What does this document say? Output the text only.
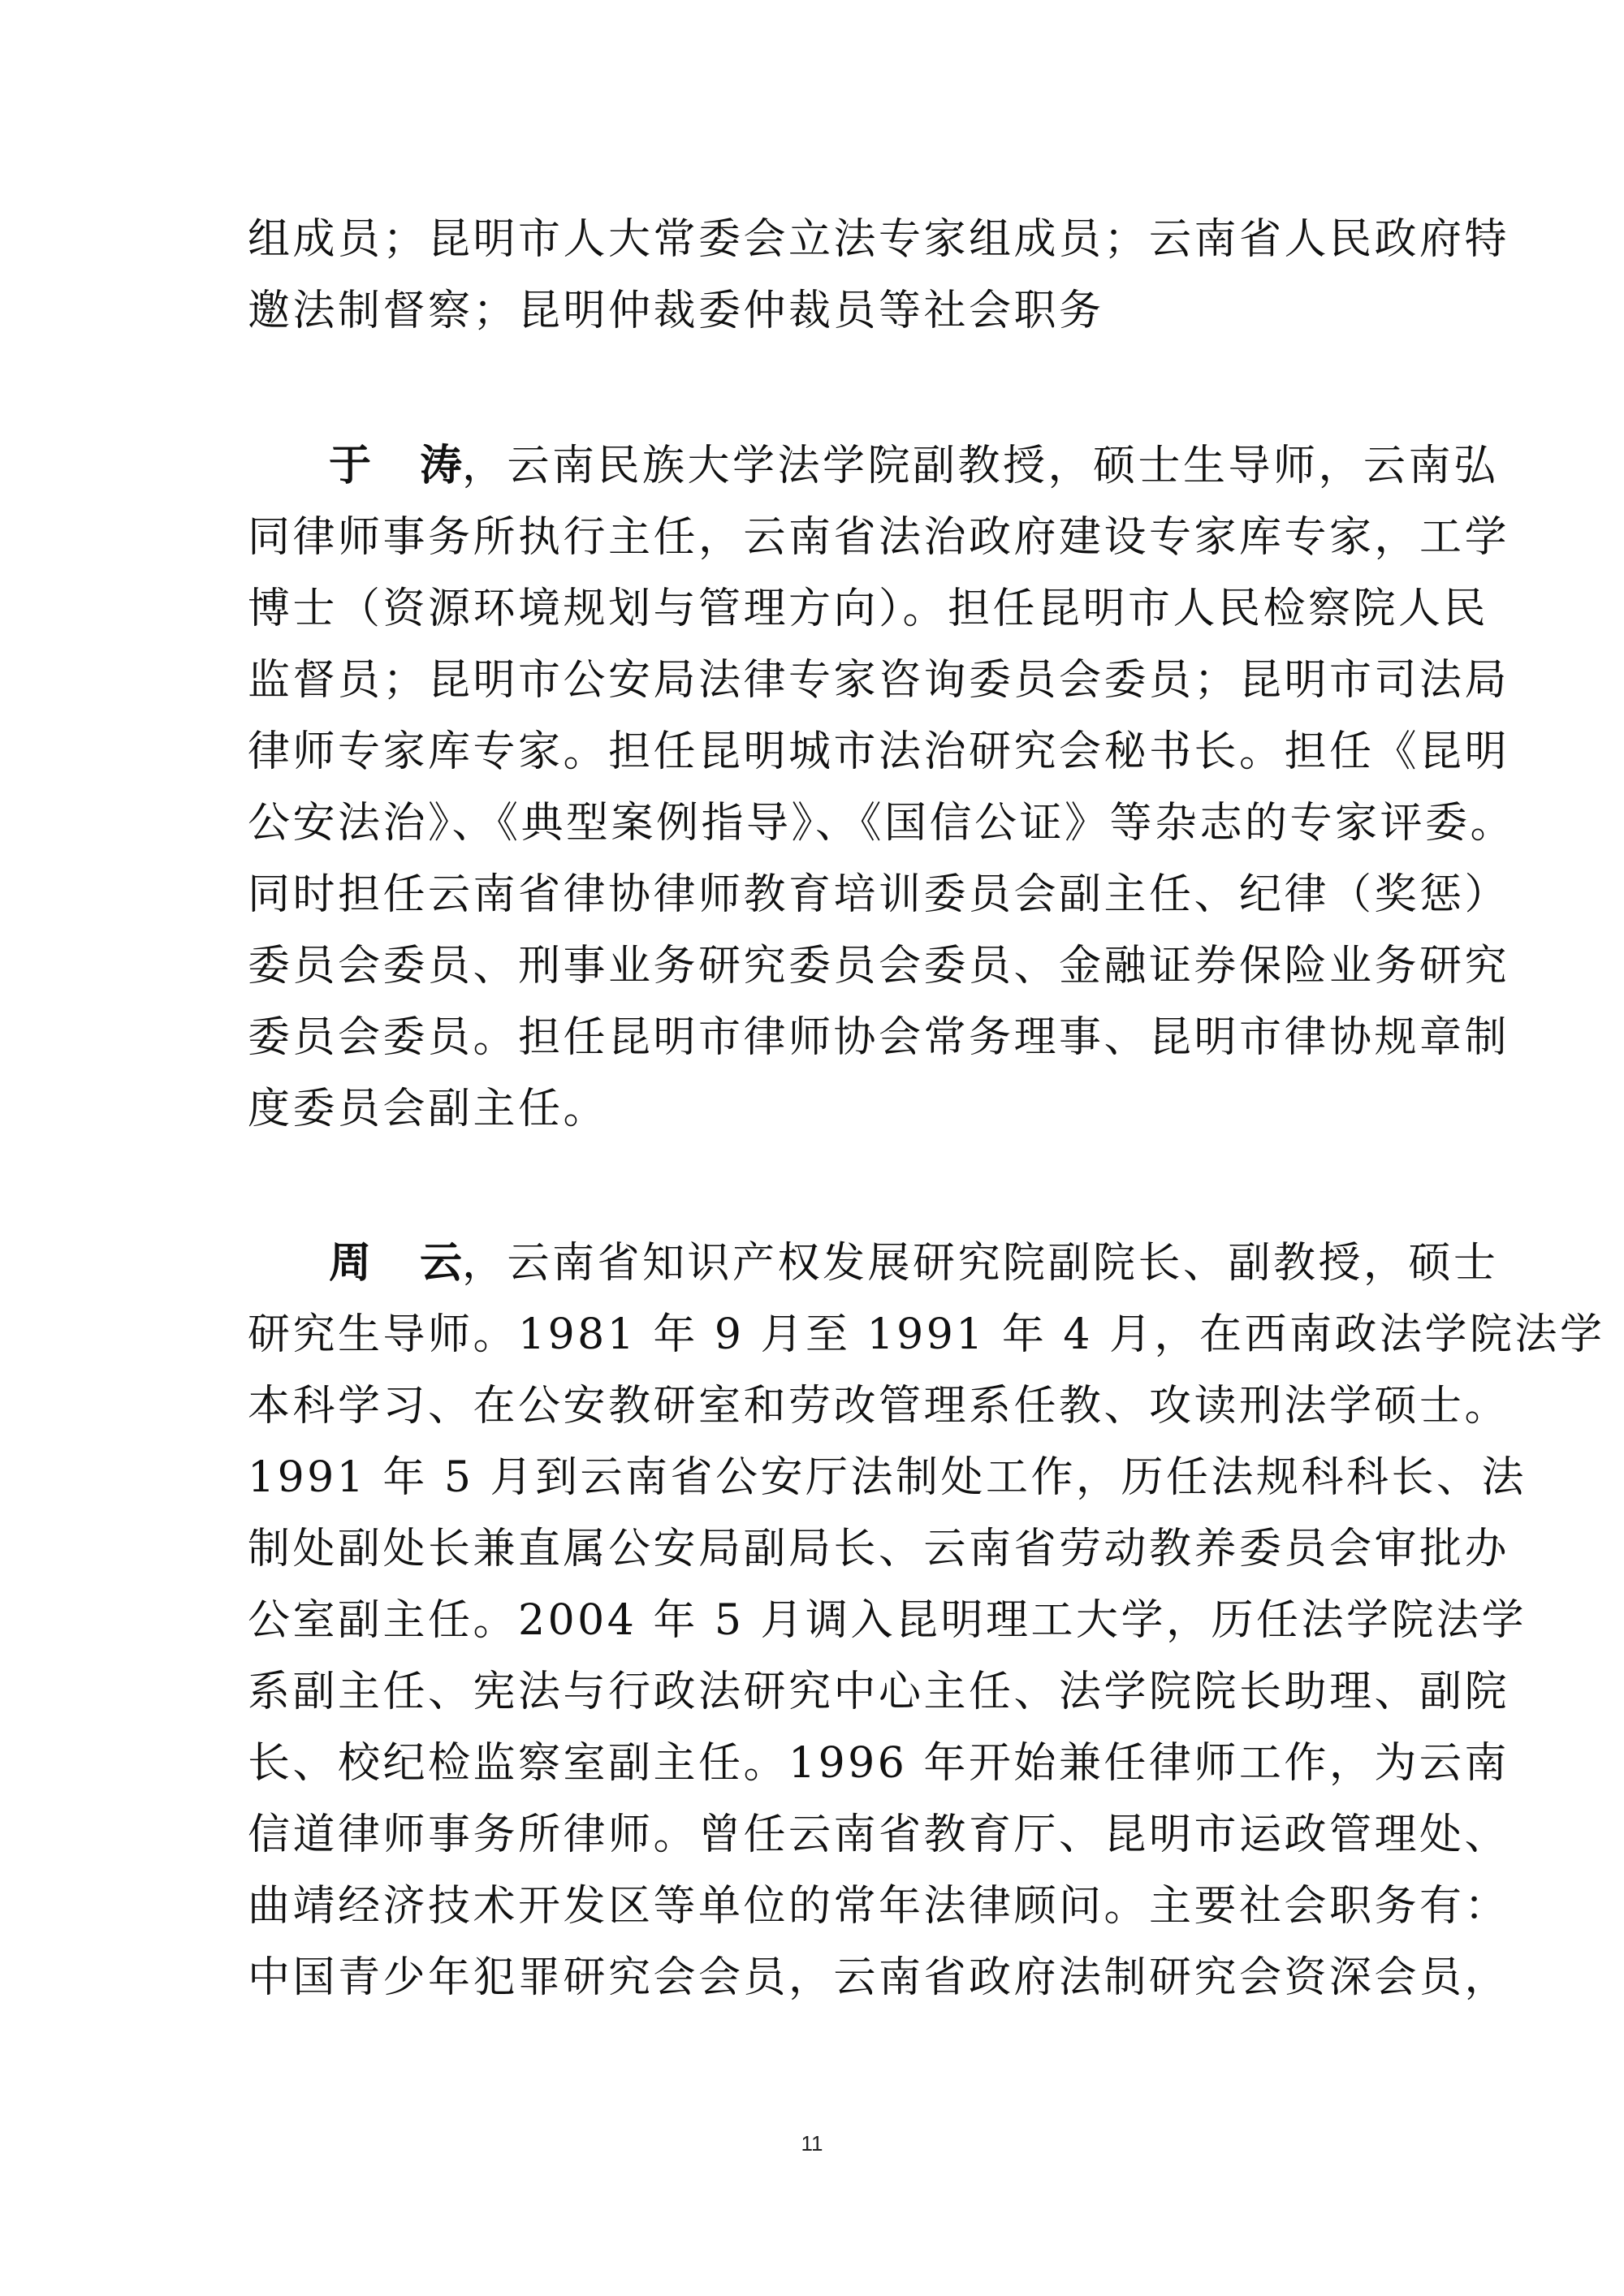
组成员；昆明市人大常委会立法专家组成员；云南省人民政府特
邀法制督察；昆明仲裁委仲裁员等社会职务
于 涛，云南民族大学法学院副教授，硕士生导师，云南弘
同律师事务所执行主任，云南省法治政府建设专家库专家，工学
博士（资源环境规划与管理方向）。担任昆明市人民检察院人民
监督员；昆明市公安局法律专家咨询委员会委员；昆明市司法局
律师专家库专家。担任昆明城市法治研究会秘书长。担任《昆明
公安法治》、《典型案例指导》、《国信公证》等杂志的专家评委。
同时担任云南省律协律师教育培训委员会副主任、纪律（奖惩）
委员会委员、刑事业务研究委员会委员、金融证券保险业务研究
委员会委员。担任昆明市律师协会常务理事、昆明市律协规章制
度委员会副主任。
周 云，云南省知识产权发展研究院副院长、副教授，硕士
研究生导师。1981 年 9 月至 1991 年 4 月，在西南政法学院法学
本科学习、在公安教研室和劳改管理系任教、攻读刑法学硕士。
1991 年 5 月到云南省公安厅法制处工作，历任法规科科长、法
制处副处长兼直属公安局副局长、云南省劳动教养委员会审批办
公室副主任。2004 年 5 月调入昆明理工大学，历任法学院法学
系副主任、宪法与行政法研究中心主任、法学院院长助理、副院
长、校纪检监察室副主任。1996 年开始兼任律师工作，为云南
信道律师事务所律师。曾任云南省教育厅、昆明市运政管理处、
曲靖经济技术开发区等单位的常年法律顾问。主要社会职务有：
中国青少年犯罪研究会会员，云南省政府法制研究会资深会员，
11
